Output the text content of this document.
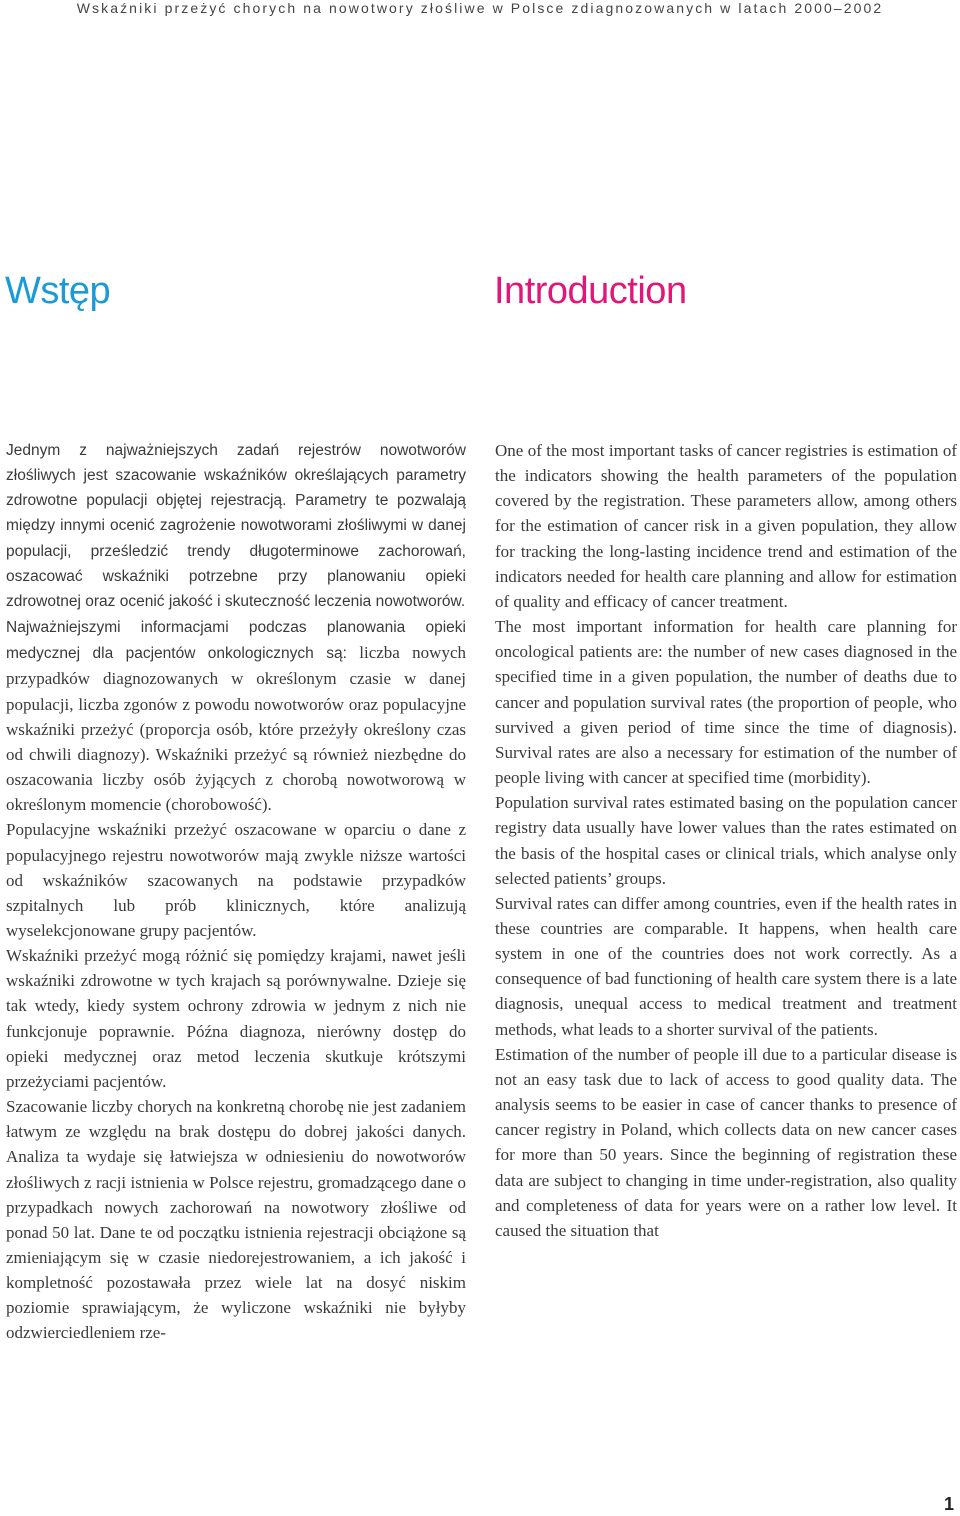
Wskaźniki przeżyć chorych na nowotwory złośliwe w Polsce zdiagnozowanych w latach 2000–2002
Wstęp	Introduction

Jednym z najważniejszych zadań rejestrów nowotworów złośliwych jest szacowanie wskaźników określających parametry zdrowotne populacji objętej rejestracją. Parametry te pozwalają między innymi ocenić zagrożenie nowotworami złośliwymi w danej populacji, prześledzić trendy długoterminowe zachorowań, oszacować wskaźniki potrzebne przy planowaniu opieki zdrowotnej oraz ocenić jakość i skuteczność leczenia nowotworów.

Najważniejszymi informacjami podczas planowania opieki medycznej dla pacjentów onkologicznych są: liczba nowych przypadków diagnozowanych w określonym czasie w danej populacji, liczba zgonów z powodu nowotworów oraz populacyjne wskaźniki przeżyć (proporcja osób, które przeżyły określony czas od chwili diagnozy). Wskaźniki przeżyć są również niezbędne do oszacowania liczby osób żyjących z chorobą nowotworową w określonym momencie (chorobowość).

Populacyjne wskaźniki przeżyć oszacowane w oparciu o dane z populacyjnego rejestru nowotworów mają zwykle niższe wartości od wskaźników szacowanych na podstawie przypadków szpitalnych lub prób klinicznych, które analizują wyselekcjonowane grupy pacjentów.

Wskaźniki przeżyć mogą różnić się pomiędzy krajami, nawet jeśli wskaźniki zdrowotne w tych krajach są porównywalne. Dzieje się tak wtedy, kiedy system ochrony zdrowia w jednym z nich nie funkcjonuje poprawnie. Późna diagnoza, nierówny dostęp do opieki medycznej oraz metod leczenia skutkuje krótszymi przeżyciami pacjentów.

Szacowanie liczby chorych na konkretną chorobę nie jest zadaniem łatwym ze względu na brak dostępu do dobrej jakości danych. Analiza ta wydaje się łatwiejsza w odniesieniu do nowotworów złośliwych z racji istnienia w Polsce rejestru, gromadzącego dane o przypadkach nowych zachorowań na nowotwory złośliwe od ponad 50 lat. Dane te od początku istnienia rejestracji obciążone są zmieniającym się w czasie niedorejestrowaniem, a ich jakość i kompletność pozostawała przez wiele lat na dosyć niskim poziomie sprawiającym, że wyliczone wskaźniki nie byłyby odzwierciedleniem rze-

One of the most important tasks of cancer registries is estimation of the indicators showing the health parameters of the population covered by the registration. These parameters allow, among others for the estimation of cancer risk in a given population, they allow for tracking the long-lasting incidence trend and estimation of the indicators needed for health care planning and allow for estimation of quality and efficacy of cancer treatment.

The most important information for health care planning for oncological patients are: the number of new cases diagnosed in the specified time in a given population, the number of deaths due to cancer and population survival rates (the proportion of people, who survived a given period of time since the time of diagnosis). Survival rates are also a necessary for estimation of the number of people living with cancer at specified time (morbidity).

Population survival rates estimated basing on the population cancer registry data usually have lower values than the rates estimated on the basis of the hospital cases or clinical trials, which analyse only selected patients’ groups.

Survival rates can differ among countries, even if the health rates in these countries are comparable. It happens, when health care system in one of the countries does not work correctly. As a consequence of bad functioning of health care system there is a late diagnosis, unequal access to medical treatment and treatment methods, what leads to a shorter survival of the patients.

Estimation of the number of people ill due to a particular disease is not an easy task due to lack of access to good quality data. The analysis seems to be easier in case of cancer thanks to presence of cancer registry in Poland, which collects data on new cancer cases for more than 50 years. Since the beginning of registration these data are subject to changing in time under-registration, also quality and completeness of data for years were on a rather low level. It caused the situation that

1
